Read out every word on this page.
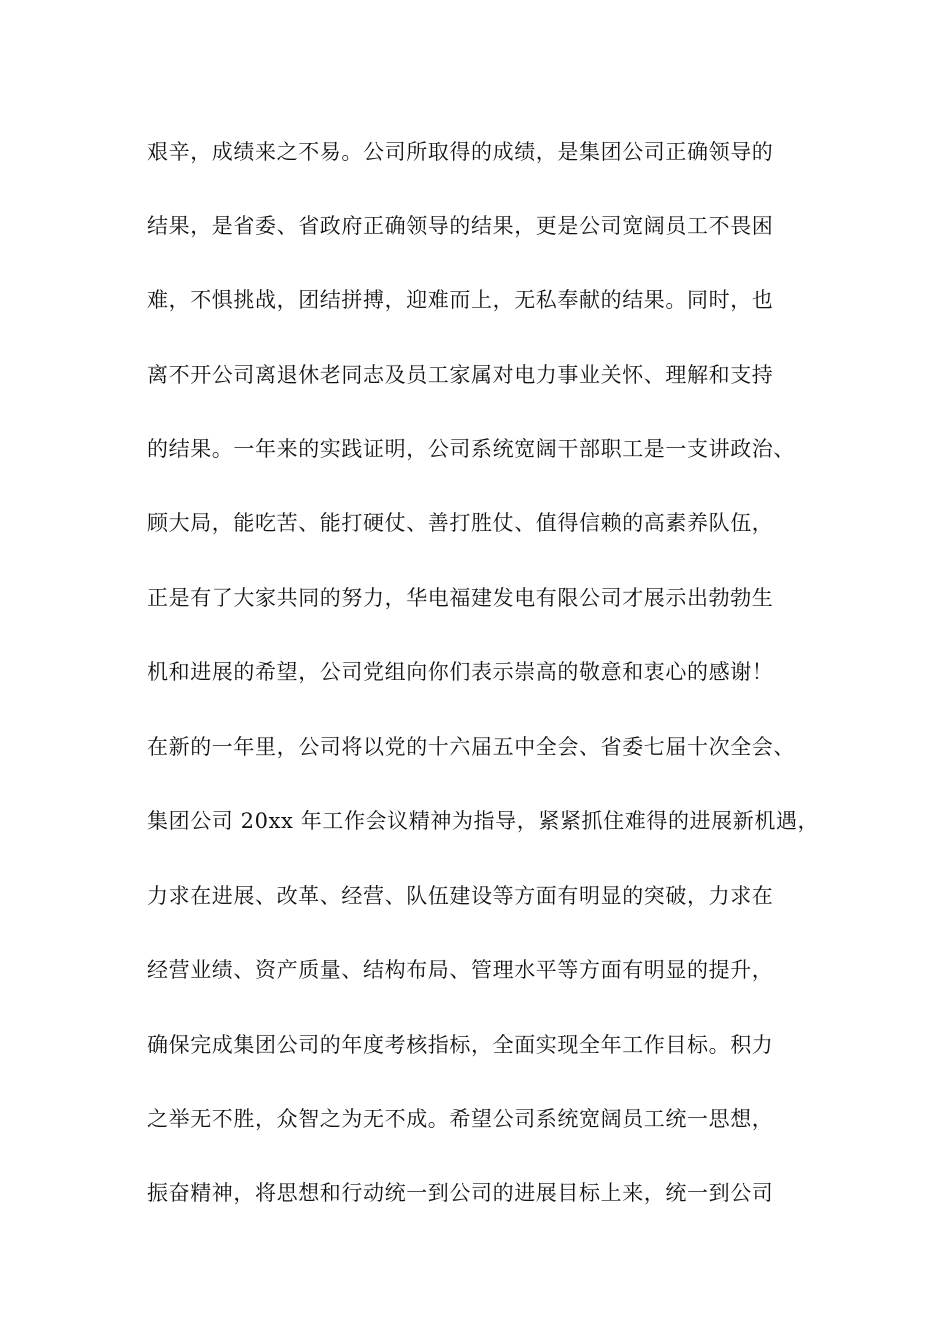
艰辛，成绩来之不易。公司所取得的成绩，是集团公司正确领导的
结果，是省委、省政府正确领导的结果，更是公司宽阔员工不畏困
难，不惧挑战，团结拼搏，迎难而上，无私奉献的结果。同时，也
离不开公司离退休老同志及员工家属对电力事业关怀、理解和支持
的结果。一年来的实践证明，公司系统宽阔干部职工是一支讲政治、
顾大局，能吃苦、能打硬仗、善打胜仗、值得信赖的高素养队伍，
正是有了大家共同的努力，华电福建发电有限公司才展示出勃勃生
机和进展的希望，公司党组向你们表示崇高的敬意和衷心的感谢！
在新的一年里，公司将以党的十六届五中全会、省委七届十次全会、
集团公司 20xx 年工作会议精神为指导，紧紧抓住难得的进展新机遇，
力求在进展、改革、经营、队伍建设等方面有明显的突破，力求在
经营业绩、资产质量、结构布局、管理水平等方面有明显的提升，
确保完成集团公司的年度考核指标，全面实现全年工作目标。积力
之举无不胜，众智之为无不成。希望公司系统宽阔员工统一思想，
振奋精神，将思想和行动统一到公司的进展目标上来，统一到公司
